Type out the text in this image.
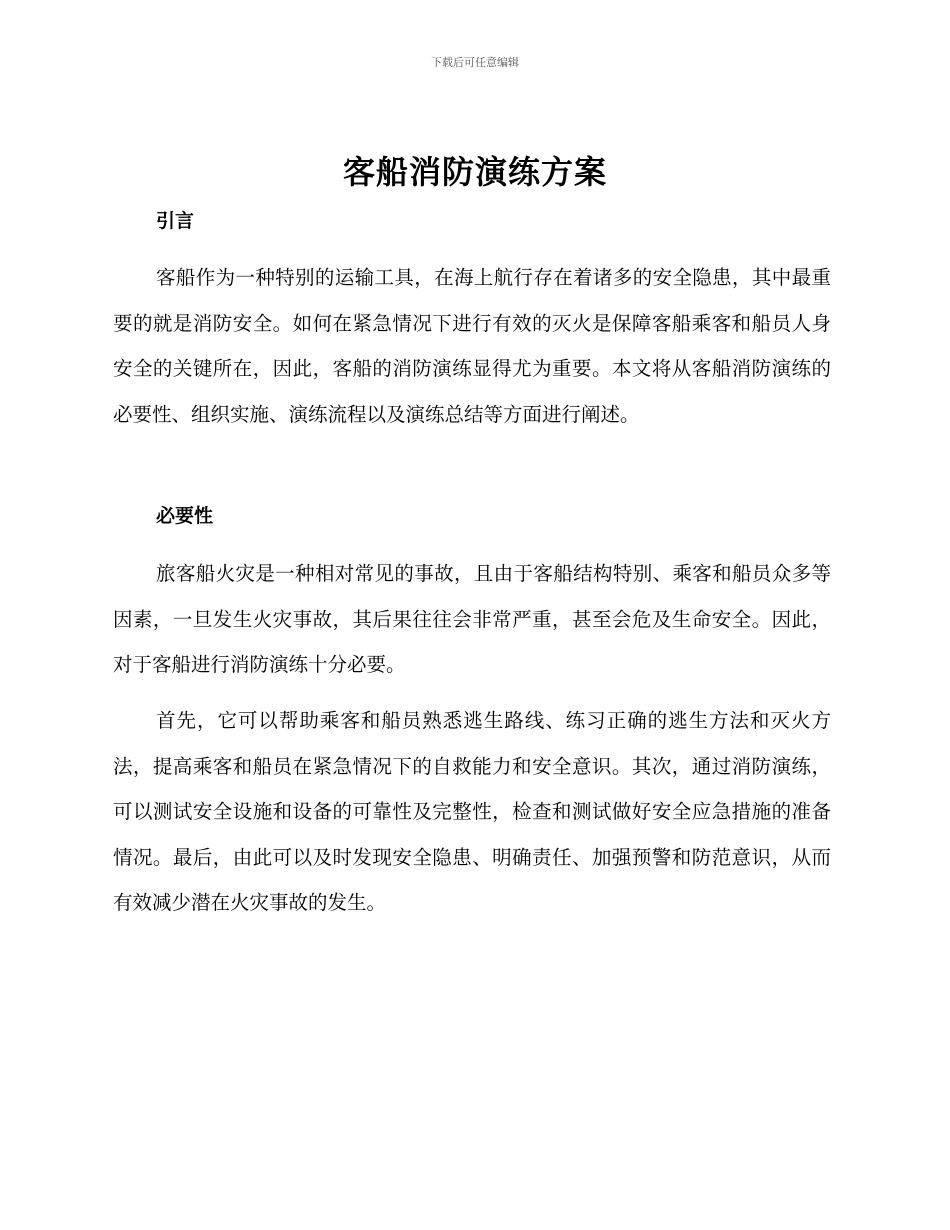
下载后可任意编辑
客船消防演练方案
引言
客船作为一种特别的运输工具，在海上航行存在着诸多的安全隐患，其中最重要的就是消防安全。如何在紧急情况下进行有效的灭火是保障客船乘客和船员人身安全的关键所在，因此，客船的消防演练显得尤为重要。本文将从客船消防演练的必要性、组织实施、演练流程以及演练总结等方面进行阐述。
必要性
旅客船火灾是一种相对常见的事故，且由于客船结构特别、乘客和船员众多等因素，一旦发生火灾事故，其后果往往会非常严重，甚至会危及生命安全。因此，对于客船进行消防演练十分必要。
首先，它可以帮助乘客和船员熟悉逃生路线、练习正确的逃生方法和灭火方法，提高乘客和船员在紧急情况下的自救能力和安全意识。其次，通过消防演练，可以测试安全设施和设备的可靠性及完整性，检查和测试做好安全应急措施的准备情况。最后，由此可以及时发现安全隐患、明确责任、加强预警和防范意识，从而有效减少潜在火灾事故的发生。
